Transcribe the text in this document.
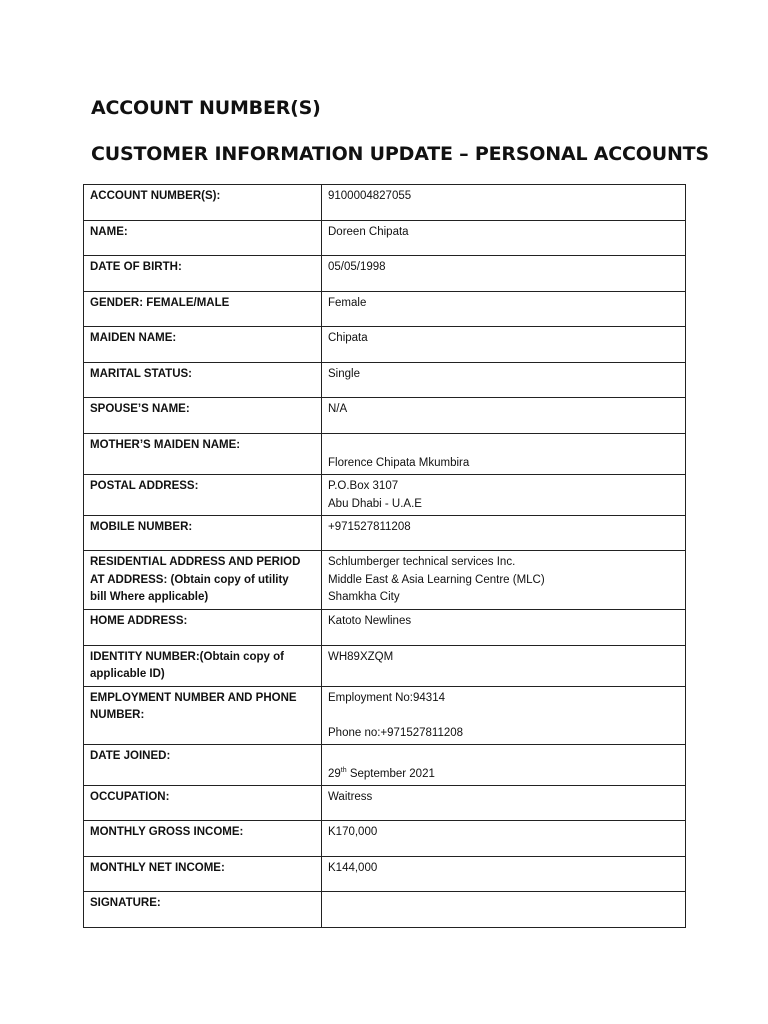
ACCOUNT NUMBER(S)
CUSTOMER INFORMATION UPDATE – PERSONAL ACCOUNTS
ACCOUNT NUMBER(S):	9100004827055
NAME:	Doreen Chipata
DATE OF BIRTH:	05/05/1998
GENDER: FEMALE/MALE	Female
MAIDEN NAME:	Chipata
MARITAL STATUS:	Single
SPOUSE’S NAME:	N/A
MOTHER’S MAIDEN NAME:	Florence Chipata Mkumbira

POSTAL ADDRESS:	P.O.Box 3107
Abu Dhabi - U.A.E

MOBILE NUMBER:	+971527811208

RESIDENTIAL ADDRESS AND PERIOD
AT ADDRESS: (Obtain copy of utility
bill Where applicable)	Schlumberger technical services Inc.
Middle East & Asia Learning Centre (MLC)
Shamkha City

HOME ADDRESS:	Katoto Newlines

IDENTITY NUMBER:(Obtain copy of
applicable ID)	WH89XZQM

EMPLOYMENT NUMBER AND PHONE
NUMBER:	Employment No:94314
Phone no:+971527811208

DATE JOINED:	29th September 2021

OCCUPATION:	Waitress
MONTHLY GROSS INCOME:	K170,000
MONTHLY NET INCOME:	K144,000
SIGNATURE:	
